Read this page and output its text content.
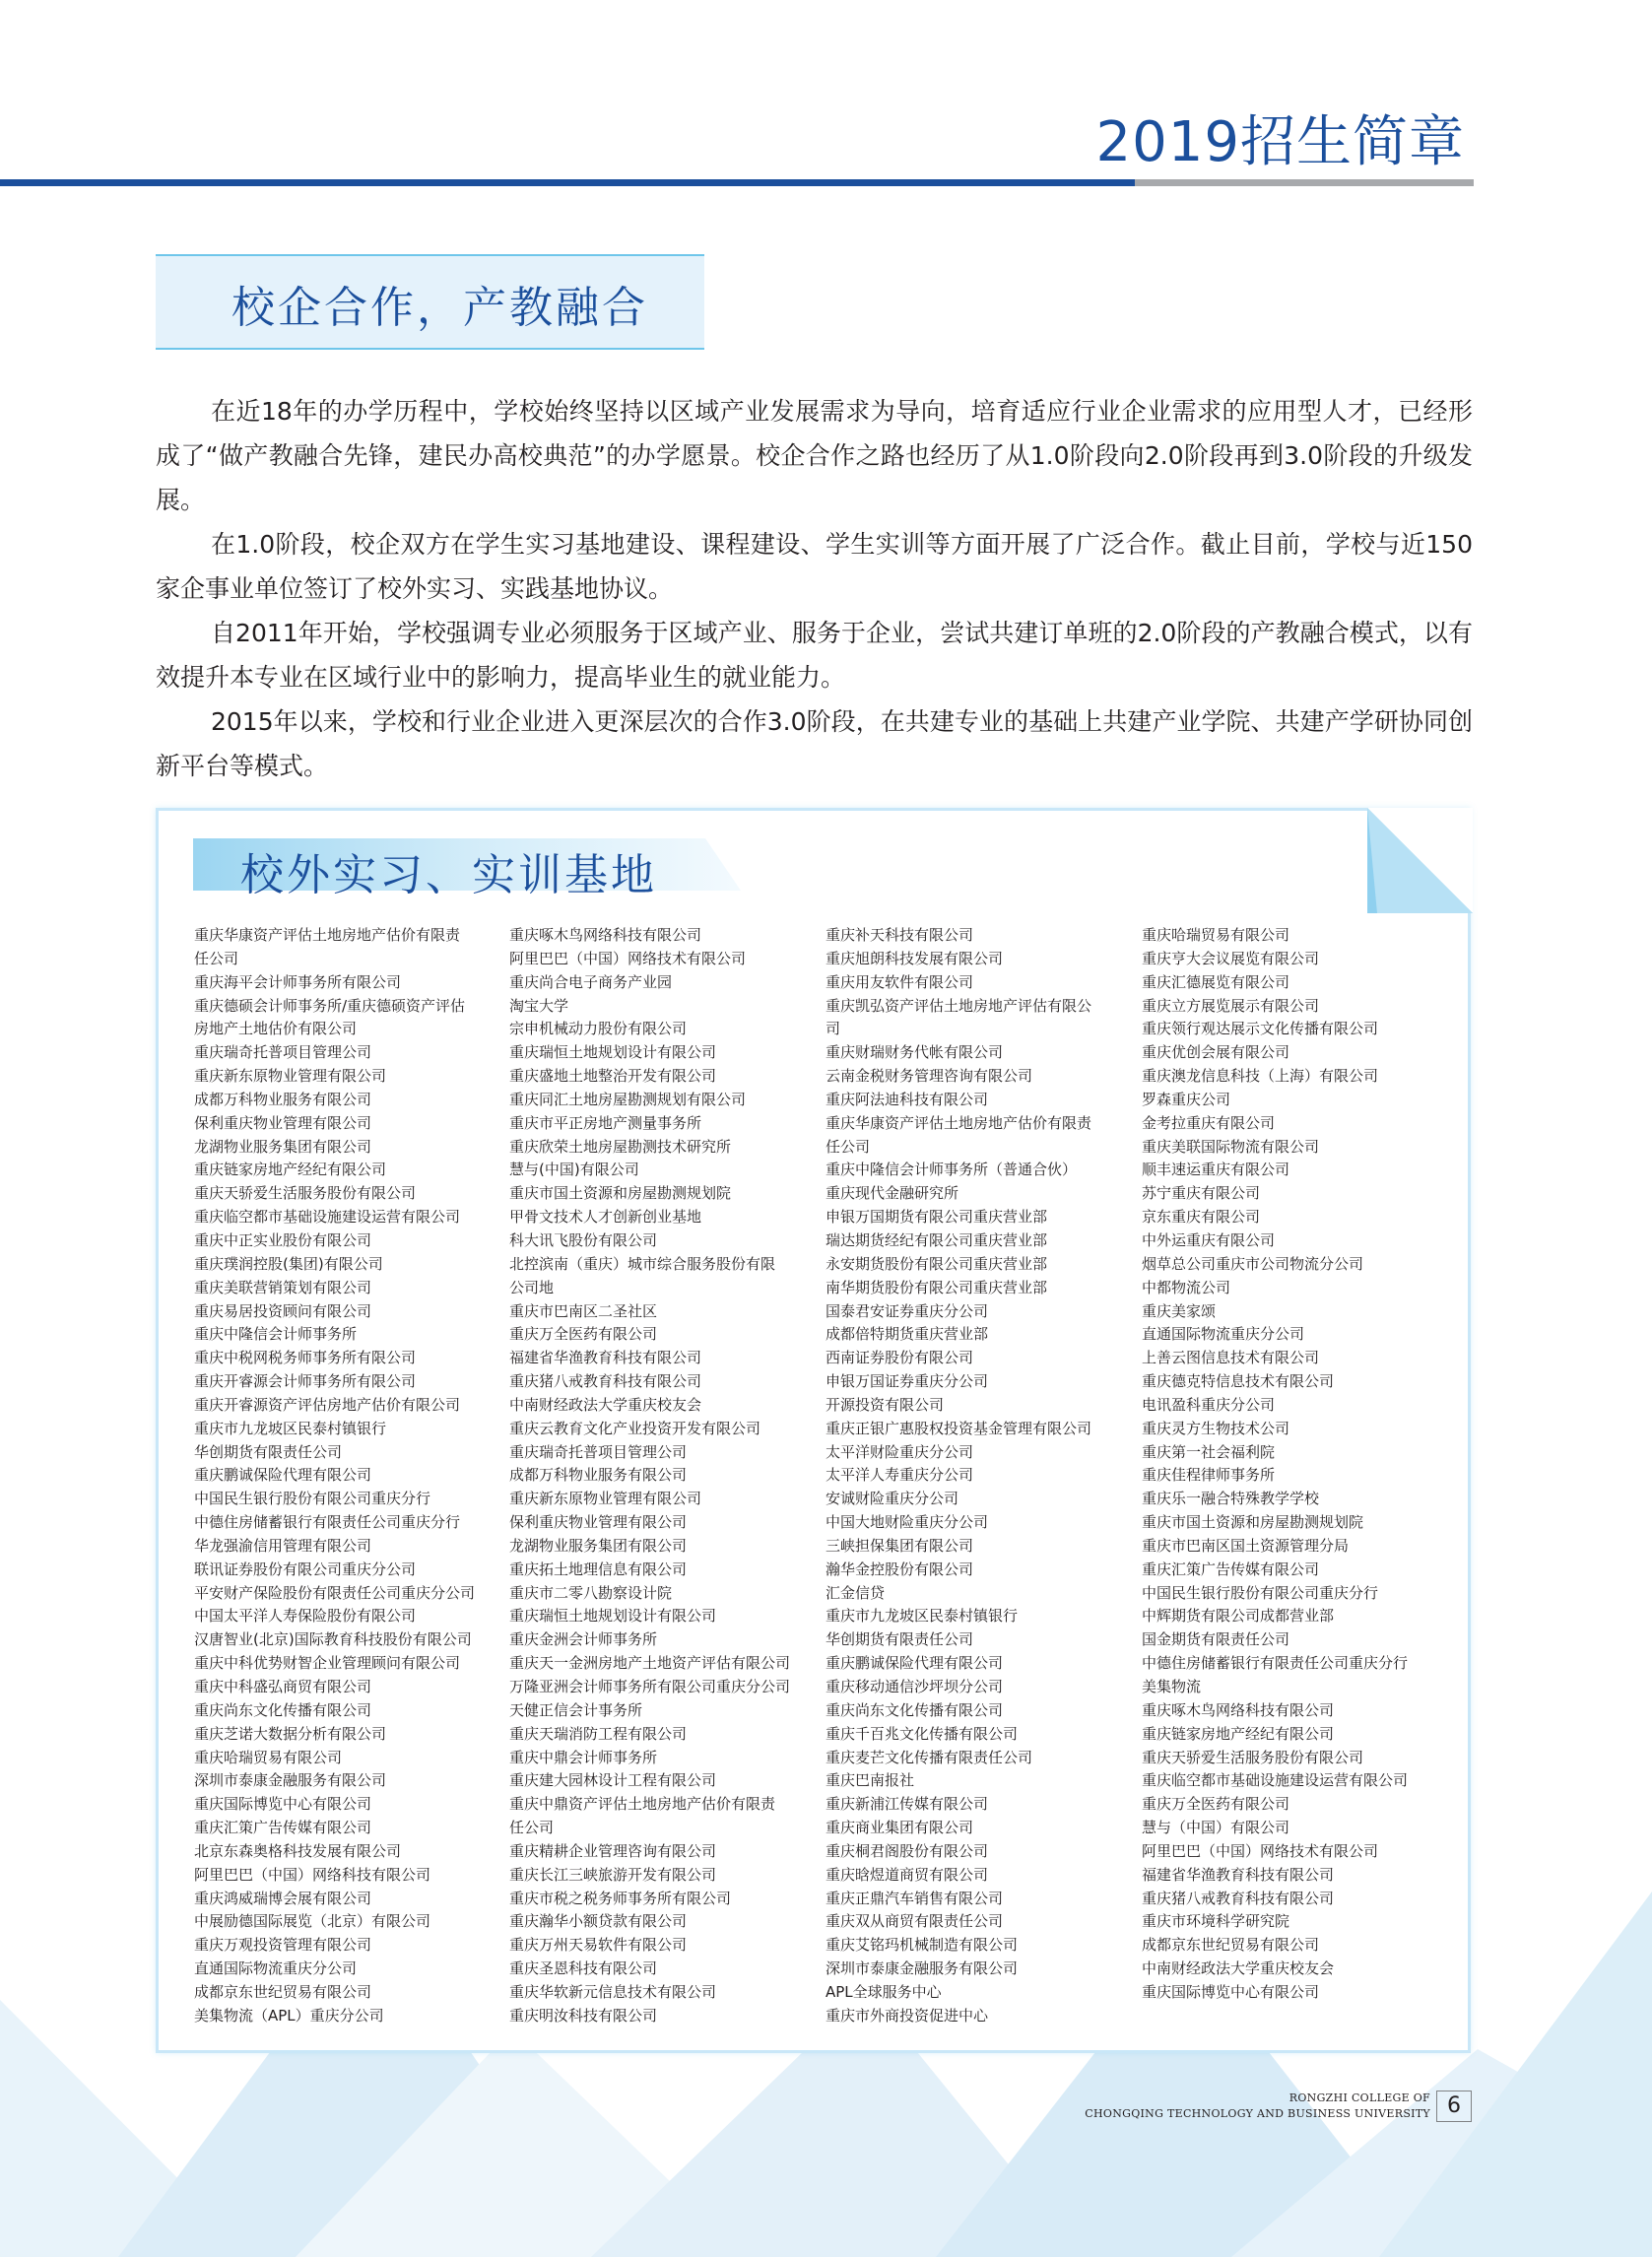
2019招生简章
校企合作，产教融合

在近18年的办学历程中，学校始终坚持以区域产业发展需求为导向，培育适应行业企业需求的应用型人才，已经形成了“做产教融合先锋，建民办高校典范”的办学愿景。校企合作之路也经历了从1.0阶段向2.0阶段再到3.0阶段的升级发展。

在1.0阶段，校企双方在学生实习基地建设、课程建设、学生实训等方面开展了广泛合作。截止目前，学校与近150家企事业单位签订了校外实习、实践基地协议。

自2011年开始，学校强调专业必须服务于区域产业、服务于企业，尝试共建订单班的2.0阶段的产教融合模式，以有效提升本专业在区域行业中的影响力，提高毕业生的就业能力。

2015年以来，学校和行业企业进入更深层次的合作3.0阶段，在共建专业的基础上共建产业学院、共建产学研协同创新平台等模式。

校外实习、实训基地
重庆华康资产评估土地房地产估价有限责
任公司
重庆海平会计师事务所有限公司
重庆德硕会计师事务所/重庆德硕资产评估
房地产土地估价有限公司
重庆瑞奇托普项目管理公司
重庆新东原物业管理有限公司
成都万科物业服务有限公司
保利重庆物业管理有限公司
龙湖物业服务集团有限公司
重庆链家房地产经纪有限公司
重庆天骄爱生活服务股份有限公司
重庆临空都市基础设施建设运营有限公司
重庆中正实业股份有限公司
重庆璞润控股(集团)有限公司
重庆美联营销策划有限公司
重庆易居投资顾问有限公司
重庆中隆信会计师事务所
重庆中税网税务师事务所有限公司
重庆开睿源会计师事务所有限公司
重庆开睿源资产评估房地产估价有限公司
重庆市九龙坡区民泰村镇银行
华创期货有限责任公司
重庆鹏诚保险代理有限公司
中国民生银行股份有限公司重庆分行
中德住房储蓄银行有限责任公司重庆分行
华龙强渝信用管理有限公司
联讯证券股份有限公司重庆分公司
平安财产保险股份有限责任公司重庆分公司
中国太平洋人寿保险股份有限公司
汉唐智业(北京)国际教育科技股份有限公司
重庆中科优势财智企业管理顾问有限公司
重庆中科盛弘商贸有限公司
重庆尚东文化传播有限公司
重庆芝诺大数据分析有限公司
重庆哈瑞贸易有限公司
深圳市泰康金融服务有限公司
重庆国际博览中心有限公司
重庆汇策广告传媒有限公司
北京东森奥格科技发展有限公司
阿里巴巴（中国）网络科技有限公司
重庆鸿威瑞博会展有限公司
中展励德国际展览（北京）有限公司
重庆万观投资管理有限公司
直通国际物流重庆分公司
成都京东世纪贸易有限公司
美集物流（APL）重庆分公司
重庆啄木鸟网络科技有限公司
阿里巴巴（中国）网络技术有限公司
重庆尚合电子商务产业园
淘宝大学
宗申机械动力股份有限公司
重庆瑞恒土地规划设计有限公司
重庆盛地土地整治开发有限公司
重庆同汇土地房屋勘测规划有限公司
重庆市平正房地产测量事务所
重庆欣荣土地房屋勘测技术研究所
慧与(中国)有限公司
重庆市国土资源和房屋勘测规划院
甲骨文技术人才创新创业基地
科大讯飞股份有限公司
北控滨南（重庆）城市综合服务股份有限
公司地
重庆市巴南区二圣社区
重庆万全医药有限公司
福建省华渔教育科技有限公司
重庆猪八戒教育科技有限公司
中南财经政法大学重庆校友会
重庆云教育文化产业投资开发有限公司
重庆瑞奇托普项目管理公司
成都万科物业服务有限公司
重庆新东原物业管理有限公司
保利重庆物业管理有限公司
龙湖物业服务集团有限公司
重庆拓土地理信息有限公司
重庆市二零八勘察设计院
重庆瑞恒土地规划设计有限公司
重庆金洲会计师事务所
重庆天一金洲房地产土地资产评估有限公司
万隆亚洲会计师事务所有限公司重庆分公司
天健正信会计事务所
重庆天瑞消防工程有限公司
重庆中鼎会计师事务所
重庆建大园林设计工程有限公司
重庆中鼎资产评估土地房地产估价有限责
任公司
重庆精耕企业管理咨询有限公司
重庆长江三峡旅游开发有限公司
重庆市税之税务师事务所有限公司
重庆瀚华小额贷款有限公司
重庆万州天易软件有限公司
重庆圣恩科技有限公司
重庆华软新元信息技术有限公司
重庆明汝科技有限公司
重庆补天科技有限公司
重庆旭朗科技发展有限公司
重庆用友软件有限公司
重庆凯弘资产评估土地房地产评估有限公
司
重庆财瑞财务代帐有限公司
云南金税财务管理咨询有限公司
重庆阿法迪科技有限公司
重庆华康资产评估土地房地产估价有限责
任公司
重庆中隆信会计师事务所（普通合伙）
重庆现代金融研究所
申银万国期货有限公司重庆营业部
瑞达期货经纪有限公司重庆营业部
永安期货股份有限公司重庆营业部
南华期货股份有限公司重庆营业部
国泰君安证券重庆分公司
成都倍特期货重庆营业部
西南证券股份有限公司
申银万国证券重庆分公司
开源投资有限公司
重庆正银广惠股权投资基金管理有限公司
太平洋财险重庆分公司
太平洋人寿重庆分公司
安诚财险重庆分公司
中国大地财险重庆分公司
三峡担保集团有限公司
瀚华金控股份有限公司
汇金信贷
重庆市九龙坡区民泰村镇银行
华创期货有限责任公司
重庆鹏诚保险代理有限公司
重庆移动通信沙坪坝分公司
重庆尚东文化传播有限公司
重庆千百兆文化传播有限公司
重庆麦芒文化传播有限责任公司
重庆巴南报社
重庆新浦江传媒有限公司
重庆商业集团有限公司
重庆桐君阁股份有限公司
重庆晗煜道商贸有限公司
重庆正鼎汽车销售有限公司
重庆双从商贸有限责任公司
重庆艾铭玛机械制造有限公司
深圳市泰康金融服务有限公司
APL全球服务中心
重庆市外商投资促进中心
重庆哈瑞贸易有限公司
重庆亨大会议展览有限公司
重庆汇德展览有限公司
重庆立方展览展示有限公司
重庆领行观达展示文化传播有限公司
重庆优创会展有限公司
重庆澳龙信息科技（上海）有限公司
罗森重庆公司
金考拉重庆有限公司
重庆美联国际物流有限公司
顺丰速运重庆有限公司
苏宁重庆有限公司
京东重庆有限公司
中外运重庆有限公司
烟草总公司重庆市公司物流分公司
中都物流公司
重庆美家颂
直通国际物流重庆分公司
上善云图信息技术有限公司
重庆德克特信息技术有限公司
电讯盈科重庆分公司
重庆灵方生物技术公司
重庆第一社会福利院
重庆佳程律师事务所
重庆乐一融合特殊教学学校
重庆市国土资源和房屋勘测规划院
重庆市巴南区国土资源管理分局
重庆汇策广告传媒有限公司
中国民生银行股份有限公司重庆分行
中辉期货有限公司成都营业部
国金期货有限责任公司
中德住房储蓄银行有限责任公司重庆分行
美集物流
重庆啄木鸟网络科技有限公司
重庆链家房地产经纪有限公司
重庆天骄爱生活服务股份有限公司
重庆临空都市基础设施建设运营有限公司
重庆万全医药有限公司
慧与（中国）有限公司
阿里巴巴（中国）网络技术有限公司
福建省华渔教育科技有限公司
重庆猪八戒教育科技有限公司
重庆市环境科学研究院
成都京东世纪贸易有限公司
中南财经政法大学重庆校友会
重庆国际博览中心有限公司
RONGZHI COLLEGE OF
CHONGQING TECHNOLOGY AND BUSINESS UNIVERSITY 6
